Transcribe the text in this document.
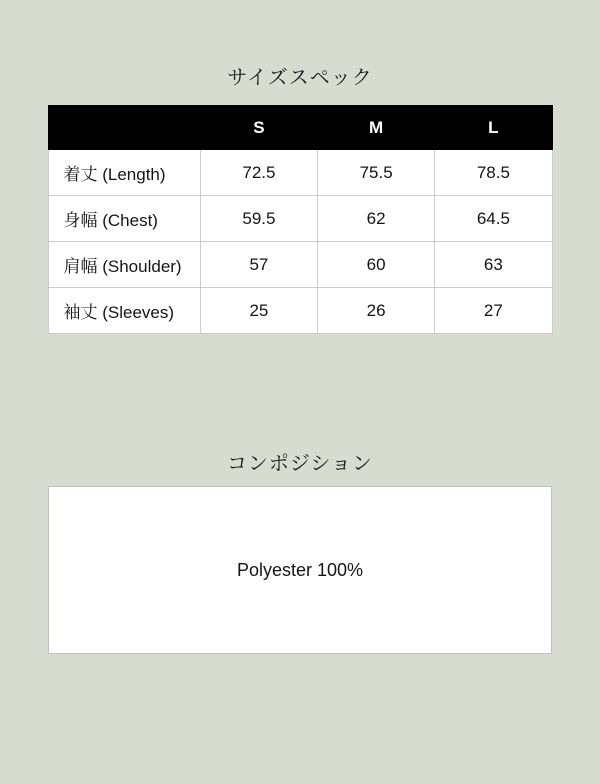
サイズスペック
	S	M	L
着丈 (Length)	72.5	75.5	78.5
身幅 (Chest)	59.5	62	64.5
肩幅 (Shoulder)	57	60	63
袖丈 (Sleeves)	25	26	27
コンポジション

Polyester 100%
